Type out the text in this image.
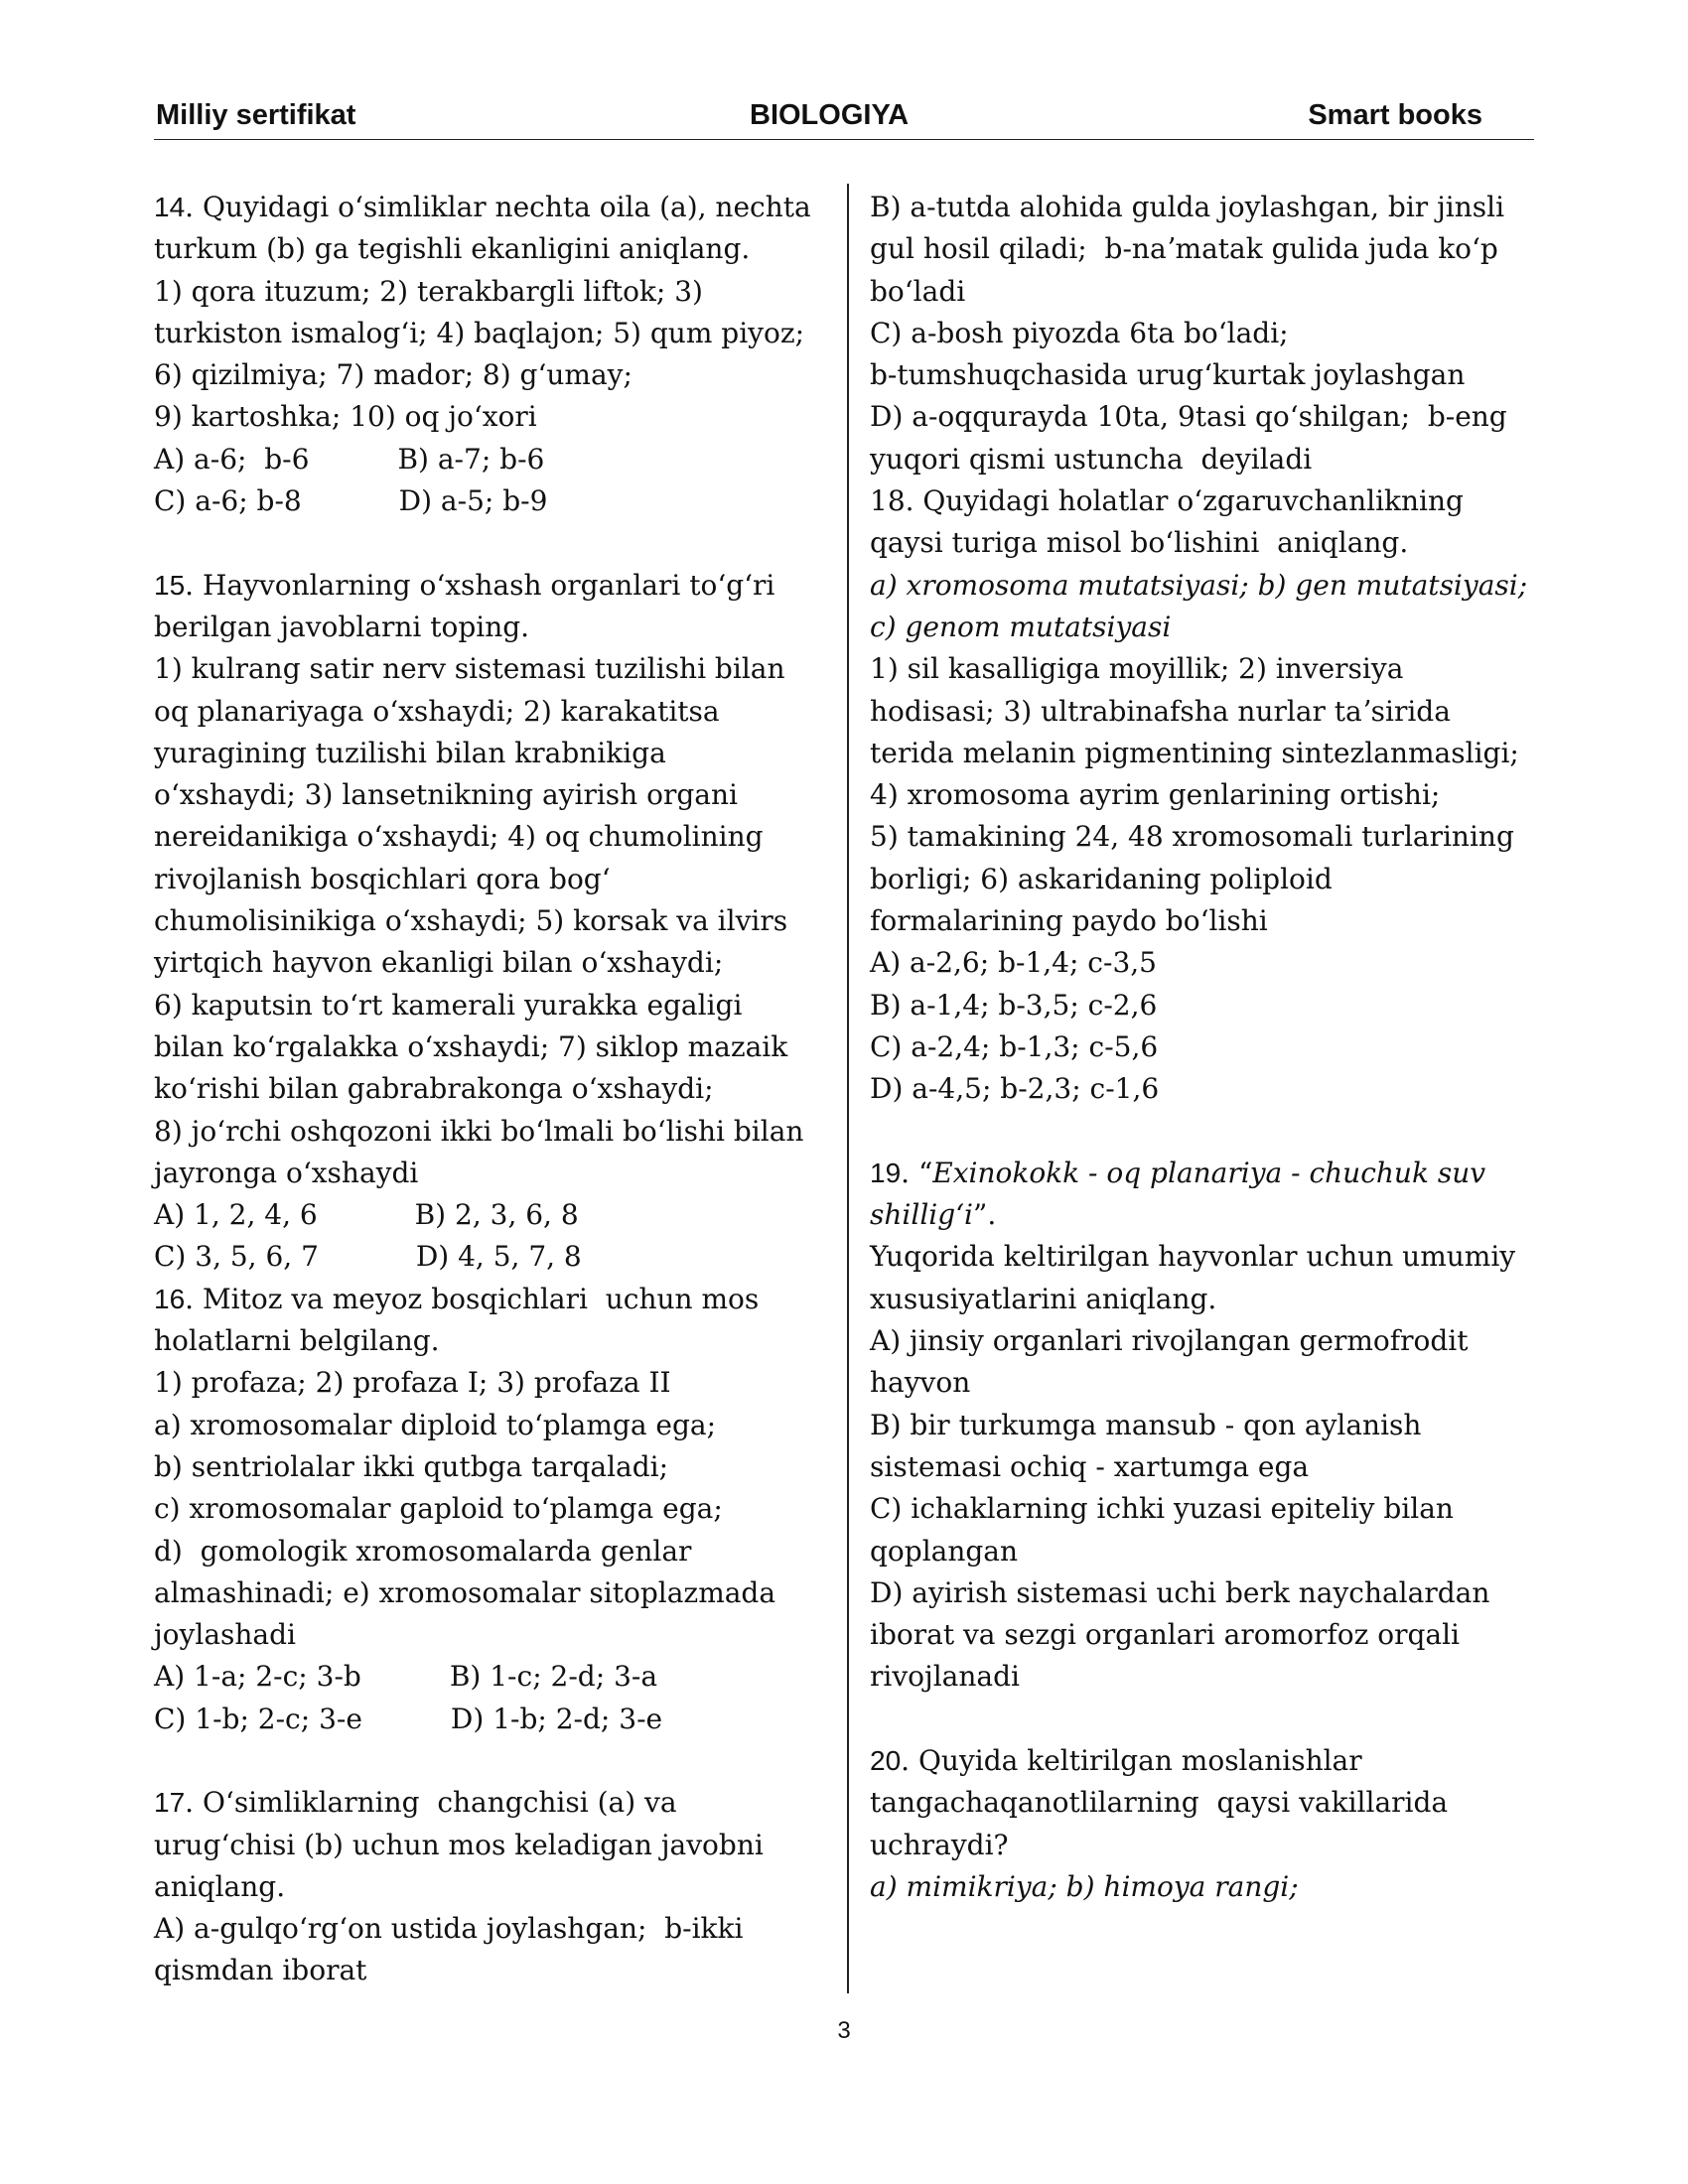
Milliy sertifikat	BIOLOGIYA	Smart books
14. Quyidagi oʻsimliklar nechta oila (a), nechta
turkum (b) ga tegishli ekanligini aniqlang.
1) qora ituzum; 2) terakbargli liftok; 3)
turkiston ismalogʻi; 4) baqlajon; 5) qum piyoz;
6) qizilmiya; 7) mador; 8) gʻumay;
9) kartoshka; 10) oq joʻxori
A) a-6;  b-6          B) a-7; b-6
C) a-6; b-8           D) a-5; b-9
15. Hayvonlarning oʻxshash organlari toʻgʻri
berilgan javoblarni toping.
1) kulrang satir nerv sistemasi tuzilishi bilan
oq planariyaga oʻxshaydi; 2) karakatitsa
yuragining tuzilishi bilan krabnikiga
oʻxshaydi; 3) lansetnikning ayirish organi
nereidanikiga oʻxshaydi; 4) oq chumolining
rivojlanish bosqichlari qora bogʻ
chumolisinikiga oʻxshaydi; 5) korsak va ilvirs
yirtqich hayvon ekanligi bilan oʻxshaydi;
6) kaputsin toʻrt kamerali yurakka egaligi
bilan koʻrgalakka oʻxshaydi; 7) siklop mazaik
koʻrishi bilan gabrabrakonga oʻxshaydi;
8) joʻrchi oshqozoni ikki boʻlmali boʻlishi bilan
jayronga oʻxshaydi
A) 1, 2, 4, 6           B) 2, 3, 6, 8
C) 3, 5, 6, 7           D) 4, 5, 7, 8
16. Mitoz va meyoz bosqichlari  uchun mos
holatlarni belgilang.
1) profaza; 2) profaza I; 3) profaza II
a) xromosomalar diploid toʻplamga ega;
b) sentriolalar ikki qutbga tarqaladi;
c) xromosomalar gaploid toʻplamga ega;
d)  gomologik xromosomalarda genlar
almashinadi; e) xromosomalar sitoplazmada
joylashadi
A) 1-a; 2-c; 3-b          B) 1-c; 2-d; 3-a
C) 1-b; 2-c; 3-e          D) 1-b; 2-d; 3-e
17. Oʻsimliklarning  changchisi (a) va
urugʻchisi (b) uchun mos keladigan javobni
aniqlang.
A) a-gulqoʻrgʻon ustida joylashgan;  b-ikki
qismdan iborat
B) a-tutda alohida gulda joylashgan, bir jinsli
gul hosil qiladi;  b-naʼmatak gulida juda koʻp
boʻladi
C) a-bosh piyozda 6ta boʻladi;
b-tumshuqchasida urugʻkurtak joylashgan
D) a-oqqurayda 10ta, 9tasi qoʻshilgan;  b-eng
yuqori qismi ustuncha  deyiladi
18. Quyidagi holatlar oʻzgaruvchanlikning
qaysi turiga misol boʻlishini  aniqlang.
a) xromosoma mutatsiyasi; b) gen mutatsiyasi;
c) genom mutatsiyasi
1) sil kasalligiga moyillik; 2) inversiya
hodisasi; 3) ultrabinafsha nurlar taʼsirida
terida melanin pigmentining sintezlanmasligi;
4) xromosoma ayrim genlarining ortishi;
5) tamakining 24, 48 xromosomali turlarining
borligi; 6) askaridaning poliploid
formalarining paydo boʻlishi
A) a-2,6; b-1,4; c-3,5
B) a-1,4; b-3,5; c-2,6
C) a-2,4; b-1,3; c-5,6
D) a-4,5; b-2,3; c-1,6
19. “Exinokokk - oq planariya - chuchuk suv
shilligʻi”.
Yuqorida keltirilgan hayvonlar uchun umumiy
xususiyatlarini aniqlang.
A) jinsiy organlari rivojlangan germofrodit
hayvon
B) bir turkumga mansub - qon aylanish
sistemasi ochiq - xartumga ega
C) ichaklarning ichki yuzasi epiteliy bilan
qoplangan
D) ayirish sistemasi uchi berk naychalardan
iborat va sezgi organlari aromorfoz orqali
rivojlanadi
20. Quyida keltirilgan moslanishlar
tangachaqanotlilarning  qaysi vakillarida
uchraydi?
a) mimikriya; b) himoya rangi;
3
